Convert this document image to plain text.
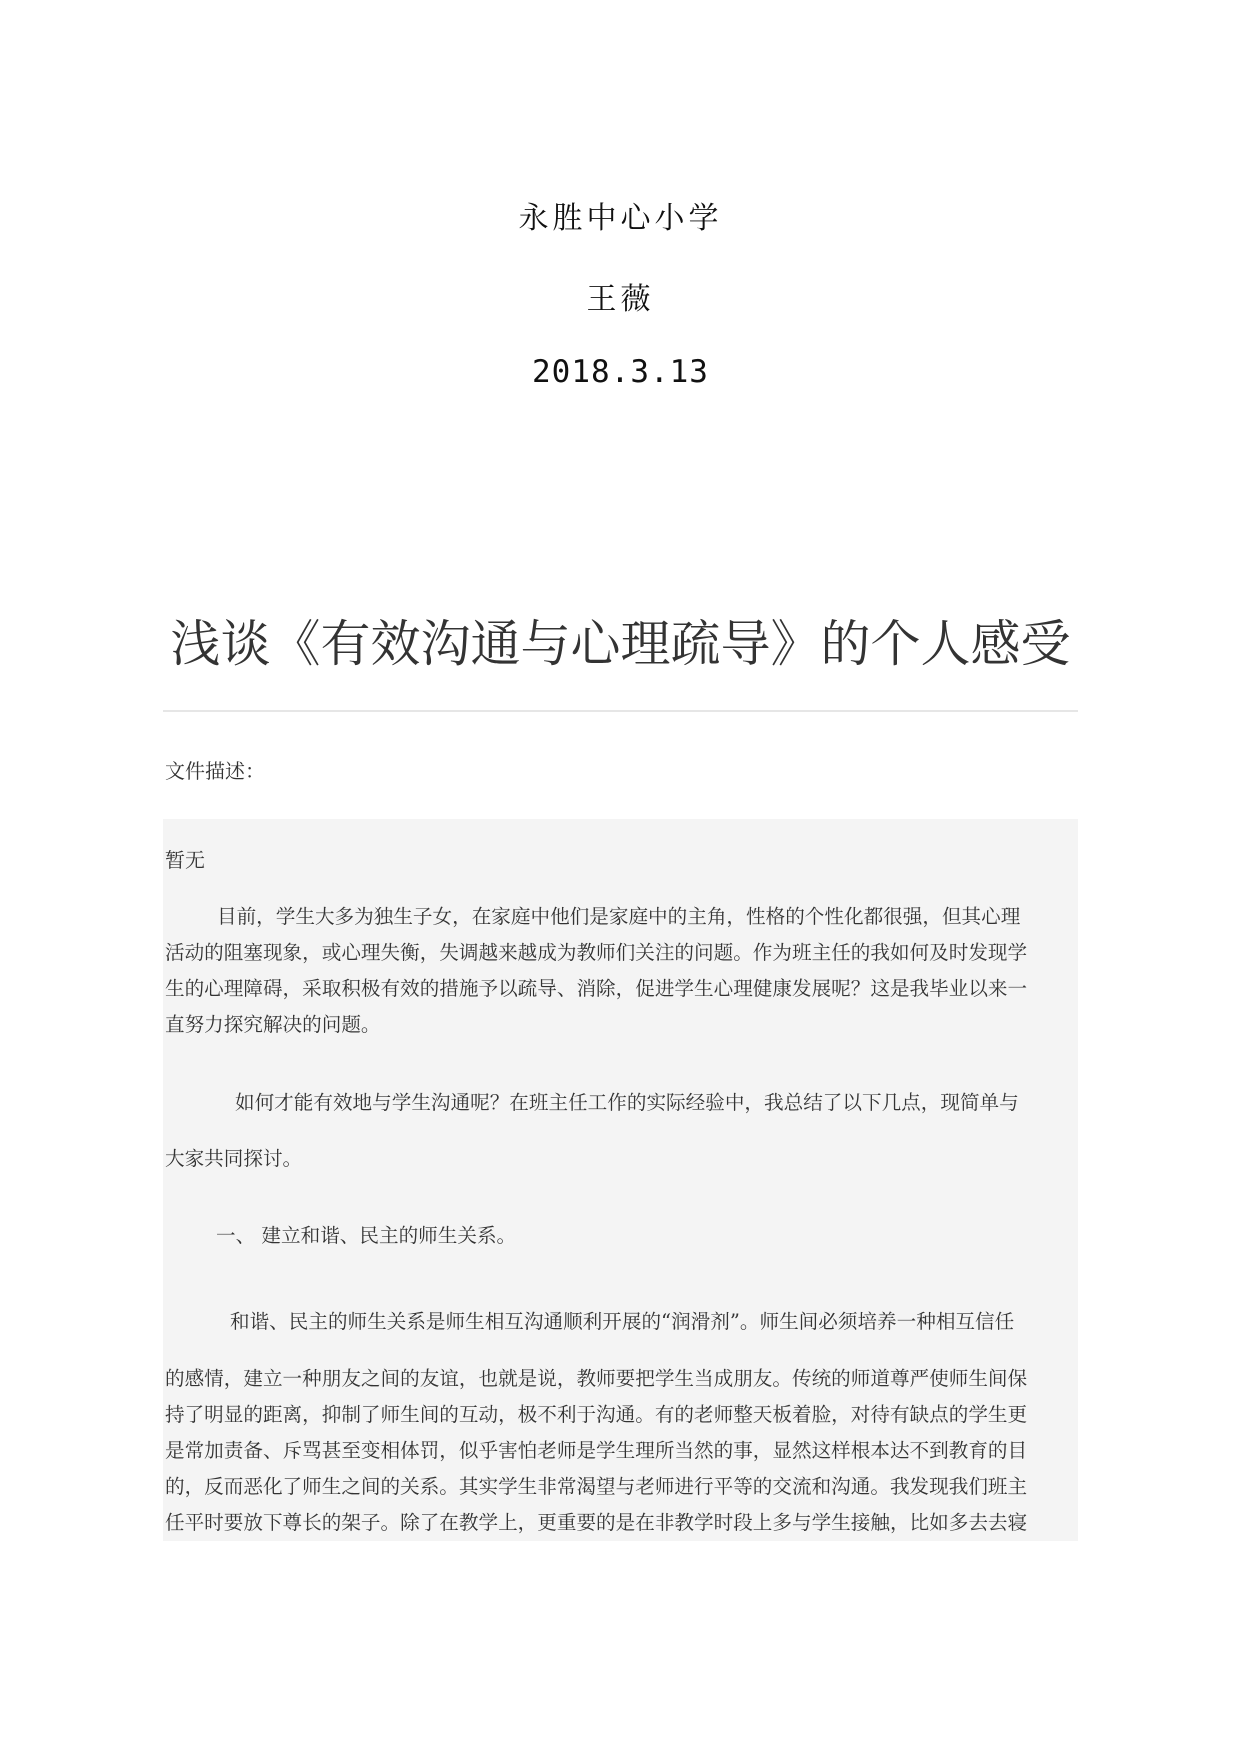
永胜中心小学
王薇
2018.3.13
浅谈《有效沟通与心理疏导》的个人感受
文件描述：
暂无
目前，学生大多为独生子女，在家庭中他们是家庭中的主角，性格的个性化都很强，但其心理
活动的阻塞现象，或心理失衡，失调越来越成为教师们关注的问题。作为班主任的我如何及时发现学
生的心理障碍，采取积极有效的措施予以疏导、消除，促进学生心理健康发展呢？这是我毕业以来一
直努力探究解决的问题。
如何才能有效地与学生沟通呢？在班主任工作的实际经验中，我总结了以下几点，现简单与
大家共同探讨。
一、 建立和谐、民主的师生关系。
和谐、民主的师生关系是师生相互沟通顺利开展的“润滑剂”。师生间必须培养一种相互信任
的感情，建立一种朋友之间的友谊，也就是说，教师要把学生当成朋友。传统的师道尊严使师生间保
持了明显的距离，抑制了师生间的互动，极不利于沟通。有的老师整天板着脸，对待有缺点的学生更
是常加责备、斥骂甚至变相体罚，似乎害怕老师是学生理所当然的事，显然这样根本达不到教育的目
的，反而恶化了师生之间的关系。其实学生非常渴望与老师进行平等的交流和沟通。我发现我们班主
任平时要放下尊长的架子。除了在教学上，更重要的是在非教学时段上多与学生接触，比如多去去寝
